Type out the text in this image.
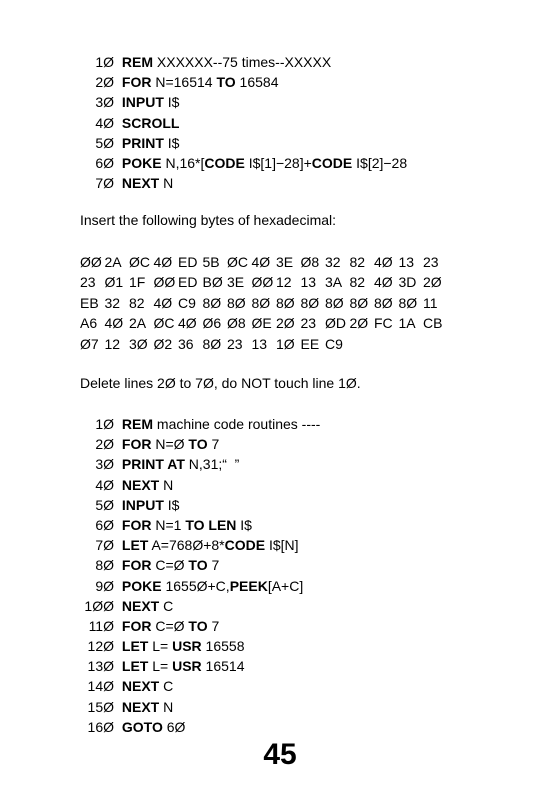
1Ø REM XXXXXX--75 times--XXXXX
2Ø FOR N=16514 TO 16584
3Ø INPUT I$
4Ø SCROLL
5Ø PRINT I$
6Ø POKE N,16*[CODE I$[1]−28]+CODE I$[2]−28
7Ø NEXT N
Insert the following bytes of hexadecimal:
ØØ 2A ØC 4Ø ED 5B ØC 4Ø 3E Ø8 32 82 4Ø 13 23
23 Ø1 1F ØØ ED BØ 3E ØØ 12 13 3A 82 4Ø 3D 2Ø
EB 32 82 4Ø C9 8Ø 8Ø 8Ø 8Ø 8Ø 8Ø 8Ø 8Ø 8Ø 11
A6 4Ø 2A ØC 4Ø Ø6 Ø8 ØE 2Ø 23 ØD 2Ø FC 1A CB
Ø7 12 3Ø Ø2 36 8Ø 23 13 1Ø EE C9
Delete lines 2Ø to 7Ø, do NOT touch line 1Ø.
1Ø REM machine code routines ----
2Ø FOR N=Ø TO 7
3Ø PRINT AT N,31;“  ”
4Ø NEXT N
5Ø INPUT I$
6Ø FOR N=1 TO LEN I$
7Ø LET A=768Ø+8*CODE I$[N]
8Ø FOR C=Ø TO 7
9Ø POKE 1655Ø+C,PEEK[A+C]
1ØØ NEXT C
11Ø FOR C=Ø TO 7
12Ø LET L= USR 16558
13Ø LET L= USR 16514
14Ø NEXT C
15Ø NEXT N
16Ø GOTO 6Ø
45
